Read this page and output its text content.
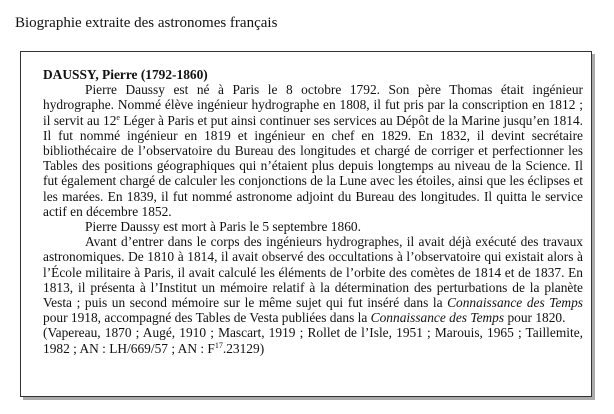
Biographie extraite des astronomes français

DAUSSY, Pierre (1792-1860)

Pierre Daussy est né à Paris le 8 octobre 1792. Son père Thomas était ingénieur hydrographe. Nommé élève ingénieur hydrographe en 1808, il fut pris par la conscription en 1812 ; il servit au 12e Léger à Paris et put ainsi continuer ses services au Dépôt de la Marine jusqu’en 1814. Il fut nommé ingénieur en 1819 et ingénieur en chef en 1829. En 1832, il devint secrétaire bibliothécaire de l’observatoire du Bureau des longitudes et chargé de corriger et perfectionner les Tables des positions géographiques qui n’étaient plus depuis longtemps au niveau de la Science. Il fut également chargé de calculer les conjonctions de la Lune avec les étoiles, ainsi que les éclipses et les marées. En 1839, il fut nommé astronome adjoint du Bureau des longitudes. Il quitta le service actif en décembre 1852.

Pierre Daussy est mort à Paris le 5 septembre 1860.

Avant d’entrer dans le corps des ingénieurs hydrographes, il avait déjà exécuté des travaux astronomiques. De 1810 à 1814, il avait observé des occultations à l’observatoire qui existait alors à l’École militaire à Paris, il avait calculé les éléments de l’orbite des comètes de 1814 et de 1837. En 1813, il présenta à l’Institut un mémoire relatif à la détermination des perturbations de la planète Vesta ; puis un second mémoire sur le même sujet qui fut inséré dans la Connaissance des Temps pour 1918, accompagné des Tables de Vesta publiées dans la Connaissance des Temps pour 1820.

(Vapereau, 1870 ; Augé, 1910 ; Mascart, 1919 ; Rollet de l’Isle, 1951 ; Marouis, 1965 ; Taillemite, 1982 ; AN : LH/669/57 ; AN : $F^{17}.23129$)
